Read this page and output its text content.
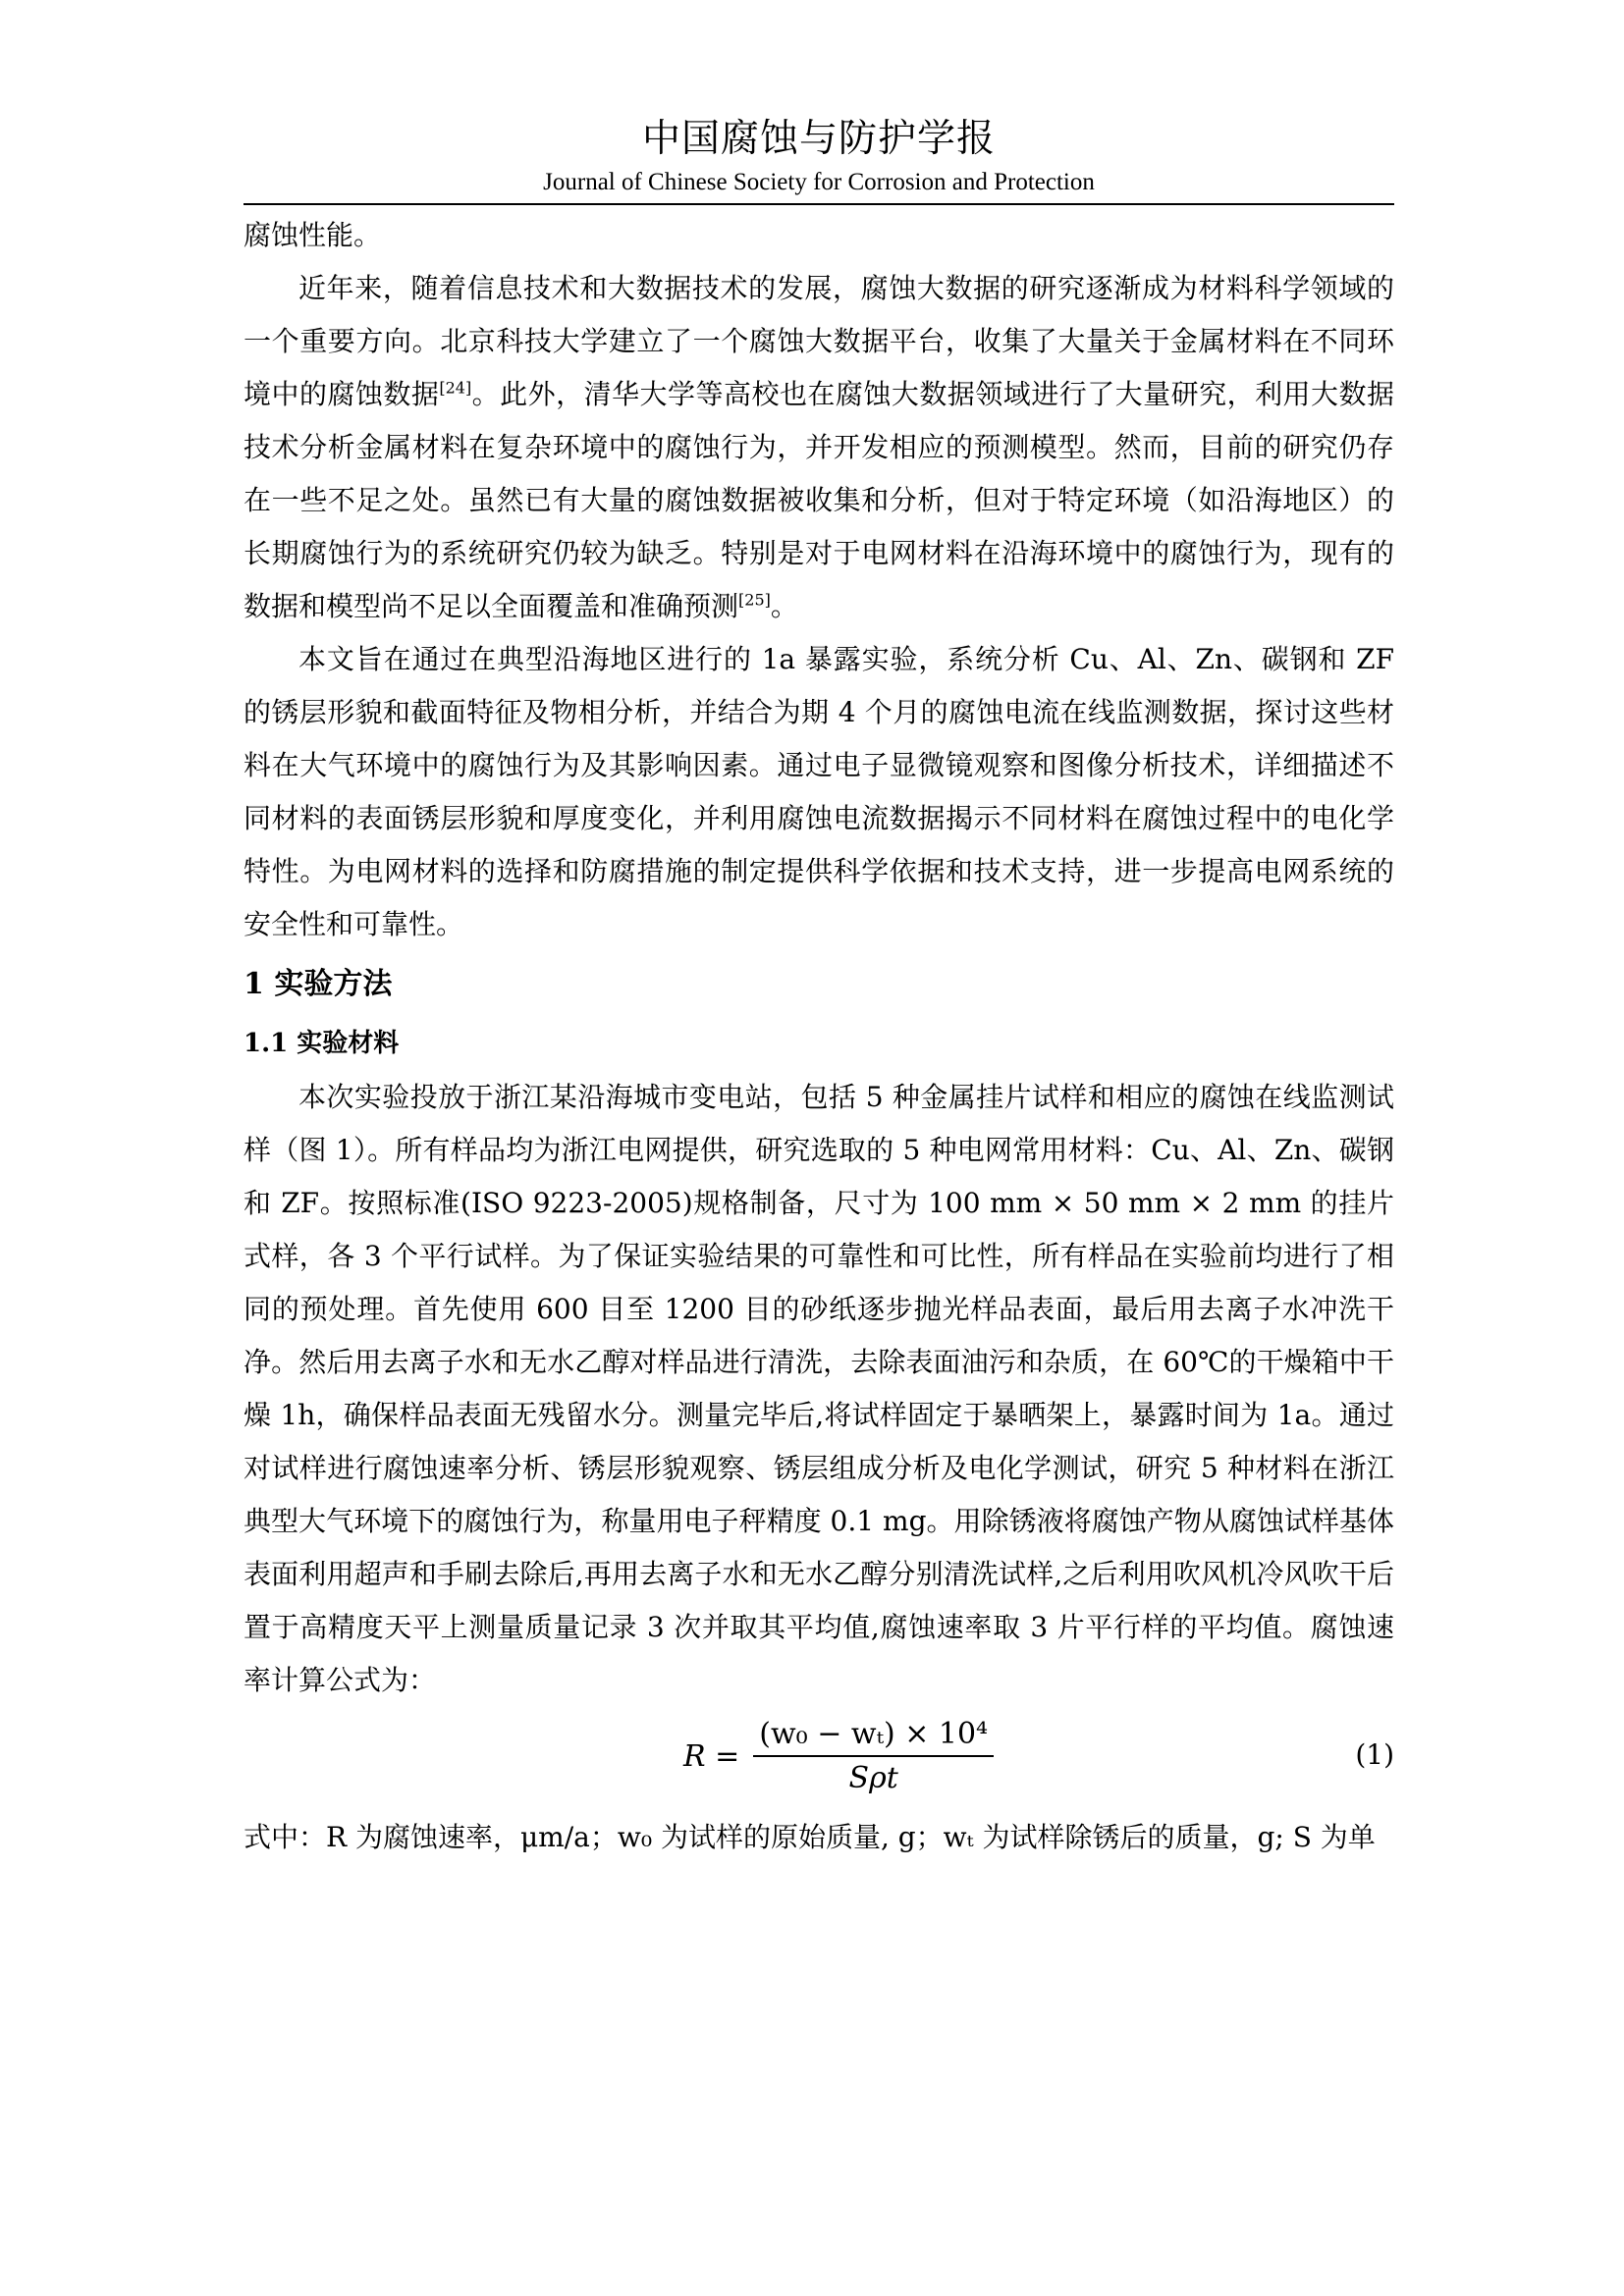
中国腐蚀与防护学报
Journal of Chinese Society for Corrosion and Protection

腐蚀性能。

近年来，随着信息技术和大数据技术的发展，腐蚀大数据的研究逐渐成为材料科学领域的一个重要方向。北京科技大学建立了一个腐蚀大数据平台，收集了大量关于金属材料在不同环境中的腐蚀数据[24]。此外，清华大学等高校也在腐蚀大数据领域进行了大量研究，利用大数据技术分析金属材料在复杂环境中的腐蚀行为，并开发相应的预测模型。然而，目前的研究仍存在一些不足之处。虽然已有大量的腐蚀数据被收集和分析，但对于特定环境（如沿海地区）的长期腐蚀行为的系统研究仍较为缺乏。特别是对于电网材料在沿海环境中的腐蚀行为，现有的数据和模型尚不足以全面覆盖和准确预测[25]。

本文旨在通过在典型沿海地区进行的 1a 暴露实验，系统分析 Cu、Al、Zn、碳钢和 ZF 的锈层形貌和截面特征及物相分析，并结合为期 4 个月的腐蚀电流在线监测数据，探讨这些材料在大气环境中的腐蚀行为及其影响因素。通过电子显微镜观察和图像分析技术，详细描述不同材料的表面锈层形貌和厚度变化，并利用腐蚀电流数据揭示不同材料在腐蚀过程中的电化学特性。为电网材料的选择和防腐措施的制定提供科学依据和技术支持，进一步提高电网系统的安全性和可靠性。

1 实验方法
1.1 实验材料

本次实验投放于浙江某沿海城市变电站，包括 5 种金属挂片试样和相应的腐蚀在线监测试样（图 1）。所有样品均为浙江电网提供，研究选取的 5 种电网常用材料：Cu、Al、Zn、碳钢和 ZF。按照标准(ISO 9223-2005)规格制备，尺寸为 100 mm × 50 mm × 2 mm 的挂片式样，各 3 个平行试样。为了保证实验结果的可靠性和可比性，所有样品在实验前均进行了相同的预处理。首先使用 600 目至 1200 目的砂纸逐步抛光样品表面，最后用去离子水冲洗干净。然后用去离子水和无水乙醇对样品进行清洗，去除表面油污和杂质，在 60℃的干燥箱中干燥 1h，确保样品表面无残留水分。测量完毕后,将试样固定于暴晒架上，暴露时间为 1a。通过对试样进行腐蚀速率分析、锈层形貌观察、锈层组成分析及电化学测试，研究 5 种材料在浙江典型大气环境下的腐蚀行为，称量用电子秤精度 0.1 mg。用除锈液将腐蚀产物从腐蚀试样基体表面利用超声和手刷去除后,再用去离子水和无水乙醇分别清洗试样,之后利用吹风机冷风吹干后置于高精度天平上测量质量记录 3 次并取其平均值,腐蚀速率取 3 片平行样的平均值。腐蚀速率计算公式为：

$R = \frac{\text{(w₀ − wₜ) × 10⁴}}{\text{Sρt}}$	(1)

式中：R 为腐蚀速率，μm/a；w₀ 为试样的原始质量, g；wₜ 为试样除锈后的质量，g; S 为单
